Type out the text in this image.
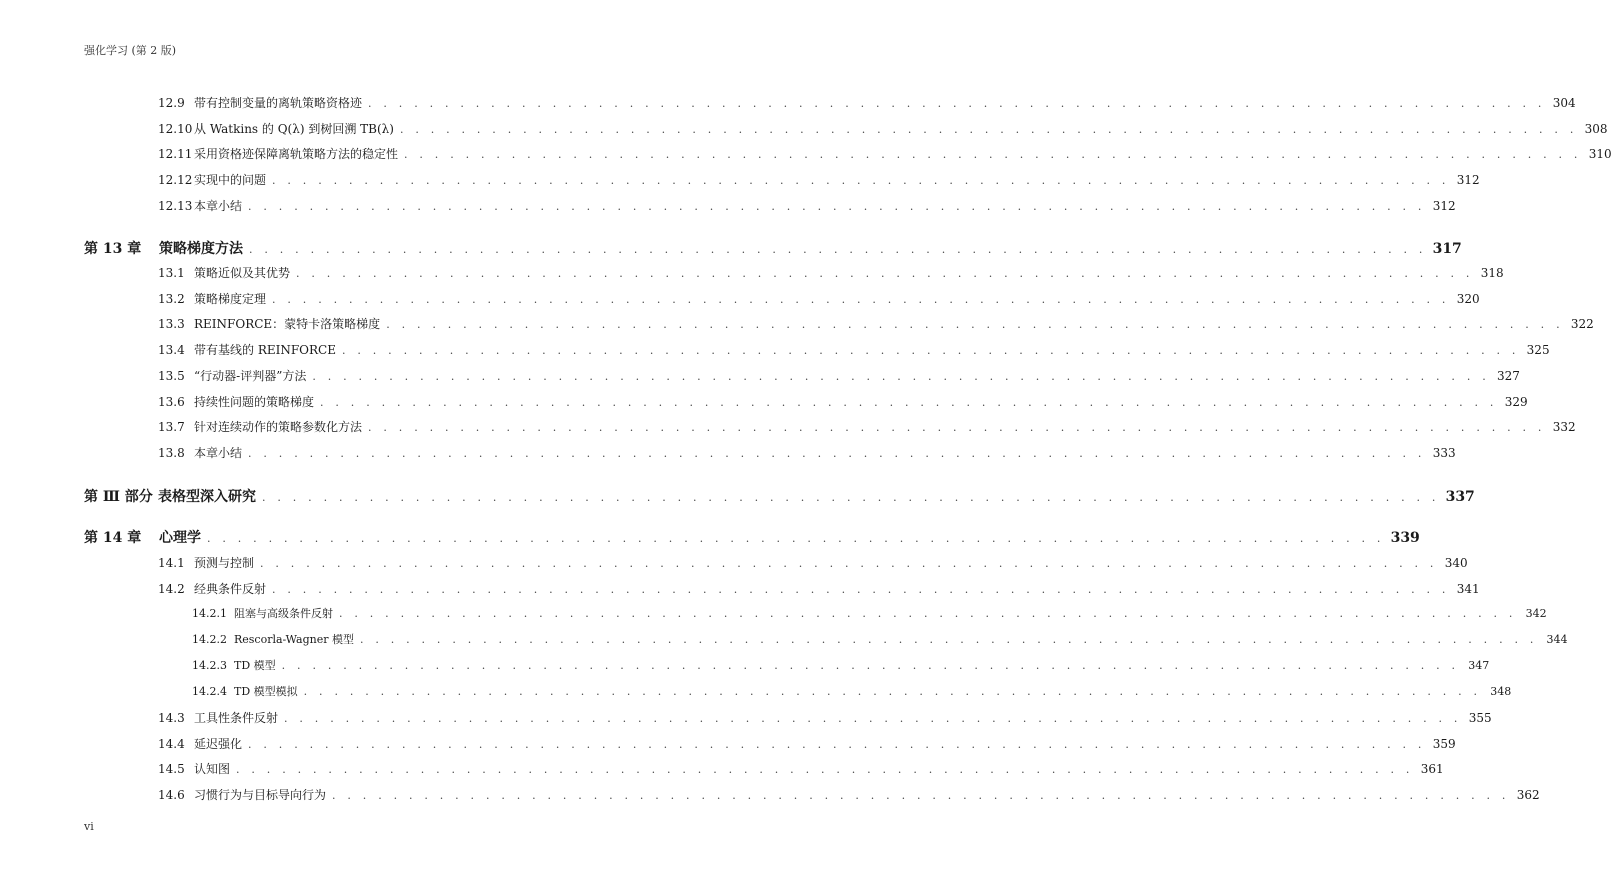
强化学习 (第 2 版)
12.9 带有控制变量的离轨策略资格迹 . . . . . . . . . . . . . . . . . . . . . . . . . . . . . . . . . . . . . . . . . . . . . . . . . . . . . . . . . . . . . . . . . . . . . . . . . . . . . 304
12.10 从 Watkins 的 Q(λ) 到树回溯 TB(λ) . . . . . . . . . . . . . . . . . . . . . . . . . . . . . . . . . . . . . . . . . . . . . . . . . . . . . . . . . . . . . . . . . . . . . . . . . . . . . 308
12.11 采用资格迹保障离轨策略方法的稳定性 . . . . . . . . . . . . . . . . . . . . . . . . . . . . . . . . . . . . . . . . . . . . . . . . . . . . . . . . . . . . . . . . . . . . . . . . . . . . . 310
12.12 实现中的问题 . . . . . . . . . . . . . . . . . . . . . . . . . . . . . . . . . . . . . . . . . . . . . . . . . . . . . . . . . . . . . . . . . . . . . . . . . . . . . 312
12.13 本章小结 . . . . . . . . . . . . . . . . . . . . . . . . . . . . . . . . . . . . . . . . . . . . . . . . . . . . . . . . . . . . . . . . . . . . . . . . . . . . . 312
第 13 章	策略梯度方法 . . . . . . . . . . . . . . . . . . . . . . . . . . . . . . . . . . . . . . . . . . . . . . . . . . . . . . . . . . . . . . . . . . . . . . . . . . . . . 317
13.1 策略近似及其优势 . . . . . . . . . . . . . . . . . . . . . . . . . . . . . . . . . . . . . . . . . . . . . . . . . . . . . . . . . . . . . . . . . . . . . . . . . . . . . 318
13.2 策略梯度定理 . . . . . . . . . . . . . . . . . . . . . . . . . . . . . . . . . . . . . . . . . . . . . . . . . . . . . . . . . . . . . . . . . . . . . . . . . . . . . 320
13.3 REINFORCE：蒙特卡洛策略梯度 . . . . . . . . . . . . . . . . . . . . . . . . . . . . . . . . . . . . . . . . . . . . . . . . . . . . . . . . . . . . . . . . . . . . . . . . . . . . . 322
13.4 带有基线的 REINFORCE . . . . . . . . . . . . . . . . . . . . . . . . . . . . . . . . . . . . . . . . . . . . . . . . . . . . . . . . . . . . . . . . . . . . . . . . . . . . . 325
13.5 “行动器-评判器”方法 . . . . . . . . . . . . . . . . . . . . . . . . . . . . . . . . . . . . . . . . . . . . . . . . . . . . . . . . . . . . . . . . . . . . . . . . . . . . . 327
13.6 持续性问题的策略梯度 . . . . . . . . . . . . . . . . . . . . . . . . . . . . . . . . . . . . . . . . . . . . . . . . . . . . . . . . . . . . . . . . . . . . . . . . . . . . . 329
13.7 针对连续动作的策略参数化方法 . . . . . . . . . . . . . . . . . . . . . . . . . . . . . . . . . . . . . . . . . . . . . . . . . . . . . . . . . . . . . . . . . . . . . . . . . . . . . 332
13.8 本章小结 . . . . . . . . . . . . . . . . . . . . . . . . . . . . . . . . . . . . . . . . . . . . . . . . . . . . . . . . . . . . . . . . . . . . . . . . . . . . . 333
第 Ⅲ 部分 表格型深入研究 . . . . . . . . . . . . . . . . . . . . . . . . . . . . . . . . . . . . . . . . . . . . . . . . . . . . . . . . . . . . . . . . . . . . . . . . . . . . . 337
第 14 章	心理学 . . . . . . . . . . . . . . . . . . . . . . . . . . . . . . . . . . . . . . . . . . . . . . . . . . . . . . . . . . . . . . . . . . . . . . . . . . . . . 339
14.1 预测与控制 . . . . . . . . . . . . . . . . . . . . . . . . . . . . . . . . . . . . . . . . . . . . . . . . . . . . . . . . . . . . . . . . . . . . . . . . . . . . . 340
14.2 经典条件反射 . . . . . . . . . . . . . . . . . . . . . . . . . . . . . . . . . . . . . . . . . . . . . . . . . . . . . . . . . . . . . . . . . . . . . . . . . . . . . 341
14.2.1 阻塞与高级条件反射 . . . . . . . . . . . . . . . . . . . . . . . . . . . . . . . . . . . . . . . . . . . . . . . . . . . . . . . . . . . . . . . . . . . . . . . . . . . . . 342
14.2.2 Rescorla-Wagner 模型 . . . . . . . . . . . . . . . . . . . . . . . . . . . . . . . . . . . . . . . . . . . . . . . . . . . . . . . . . . . . . . . . . . . . . . . . . . . . . 344
14.2.3 TD 模型 . . . . . . . . . . . . . . . . . . . . . . . . . . . . . . . . . . . . . . . . . . . . . . . . . . . . . . . . . . . . . . . . . . . . . . . . . . . . . 347
14.2.4 TD 模型模拟 . . . . . . . . . . . . . . . . . . . . . . . . . . . . . . . . . . . . . . . . . . . . . . . . . . . . . . . . . . . . . . . . . . . . . . . . . . . . . 348
14.3 工具性条件反射 . . . . . . . . . . . . . . . . . . . . . . . . . . . . . . . . . . . . . . . . . . . . . . . . . . . . . . . . . . . . . . . . . . . . . . . . . . . . . 355
14.4 延迟强化 . . . . . . . . . . . . . . . . . . . . . . . . . . . . . . . . . . . . . . . . . . . . . . . . . . . . . . . . . . . . . . . . . . . . . . . . . . . . . 359
14.5 认知图 . . . . . . . . . . . . . . . . . . . . . . . . . . . . . . . . . . . . . . . . . . . . . . . . . . . . . . . . . . . . . . . . . . . . . . . . . . . . . 361
14.6 习惯行为与目标导向行为 . . . . . . . . . . . . . . . . . . . . . . . . . . . . . . . . . . . . . . . . . . . . . . . . . . . . . . . . . . . . . . . . . . . . . . . . . . . . . 362
vi
